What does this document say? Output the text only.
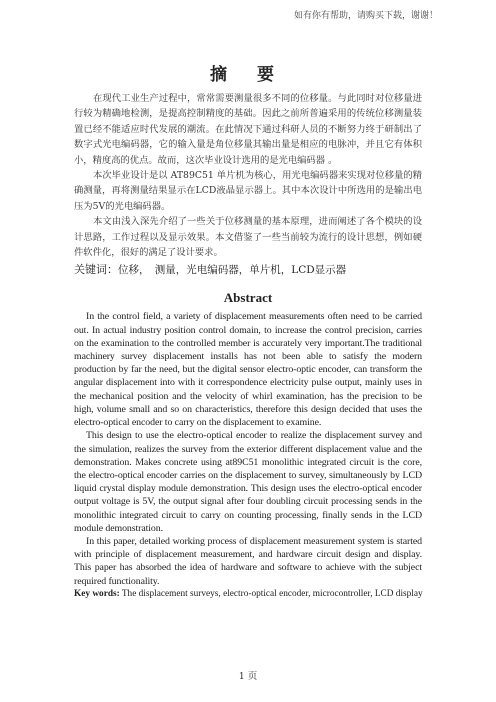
如有你有帮助，请购买下载，谢谢！
摘 要

在现代工业生产过程中，常常需要测量很多不同的位移量。与此同时对位移量进行较为精确地检测，是提高控制精度的基础。因此之前所普遍采用的传统位移测量装置已经不能适应时代发展的潮流。在此情况下通过科研人员的不断努力终于研制出了数字式光电编码器，它的输入量是角位移量其输出量是相应的电脉冲，并且它有体积小，精度高的优点。故而，这次毕业设计选用的是光电编码器 。

本次毕业设计是以 AT89C51 单片机为核心，用光电编码器来实现对位移量的精确测量，再将测量结果显示在LCD液晶显示器上。其中本次设计中所选用的是输出电压为5V的光电编码器。

本文由浅入深先介绍了一些关于位移测量的基本原理，进而阐述了各个模块的设计思路，工作过程以及显示效果。本文借鉴了一些当前较为流行的设计思想，例如硬件软件化，很好的满足了设计要求。

关键词：位移，　测量，光电编码器，单片机，LCD显示器

Abstract

In the control field, a variety of displacement measurements often need to be carried out. In actual industry position control domain, to increase the control precision, carries on the examination to the controlled member is accurately very important.The traditional machinery survey displacement installs has not been able to satisfy the modern production by far the need, but the digital sensor electro-optic encoder, can transform the angular displacement into with it correspondence electricity pulse output, mainly uses in the mechanical position and the velocity of whirl examination, has the precision to be high, volume small and so on characteristics, therefore this design decided that uses the electro-optical encoder to carry on the displacement to examine.

This design to use the electro-optical encoder to realize the displacement survey and the simulation, realizes the survey from the exterior different displacement value and the demonstration. Makes concrete using at89C51 monolithic integrated circuit is the core, the electro-optical encoder carries on the displacement to survey, simultaneously by LCD liquid crystal display module demonstration. This design uses the electro-optical encoder output voltage is 5V, the output signal after four doubling circuit processing sends in the monolithic integrated circuit to carry on counting processing, finally sends in the LCD module demonstration.

In this paper, detailed working process of displacement measurement system is started with principle of displacement measurement, and hardware circuit design and display. This paper has absorbed the idea of hardware and software to achieve with the subject required functionality.

Key words: The displacement surveys, electro-optical encoder, microcontroller, LCD display

1 页
